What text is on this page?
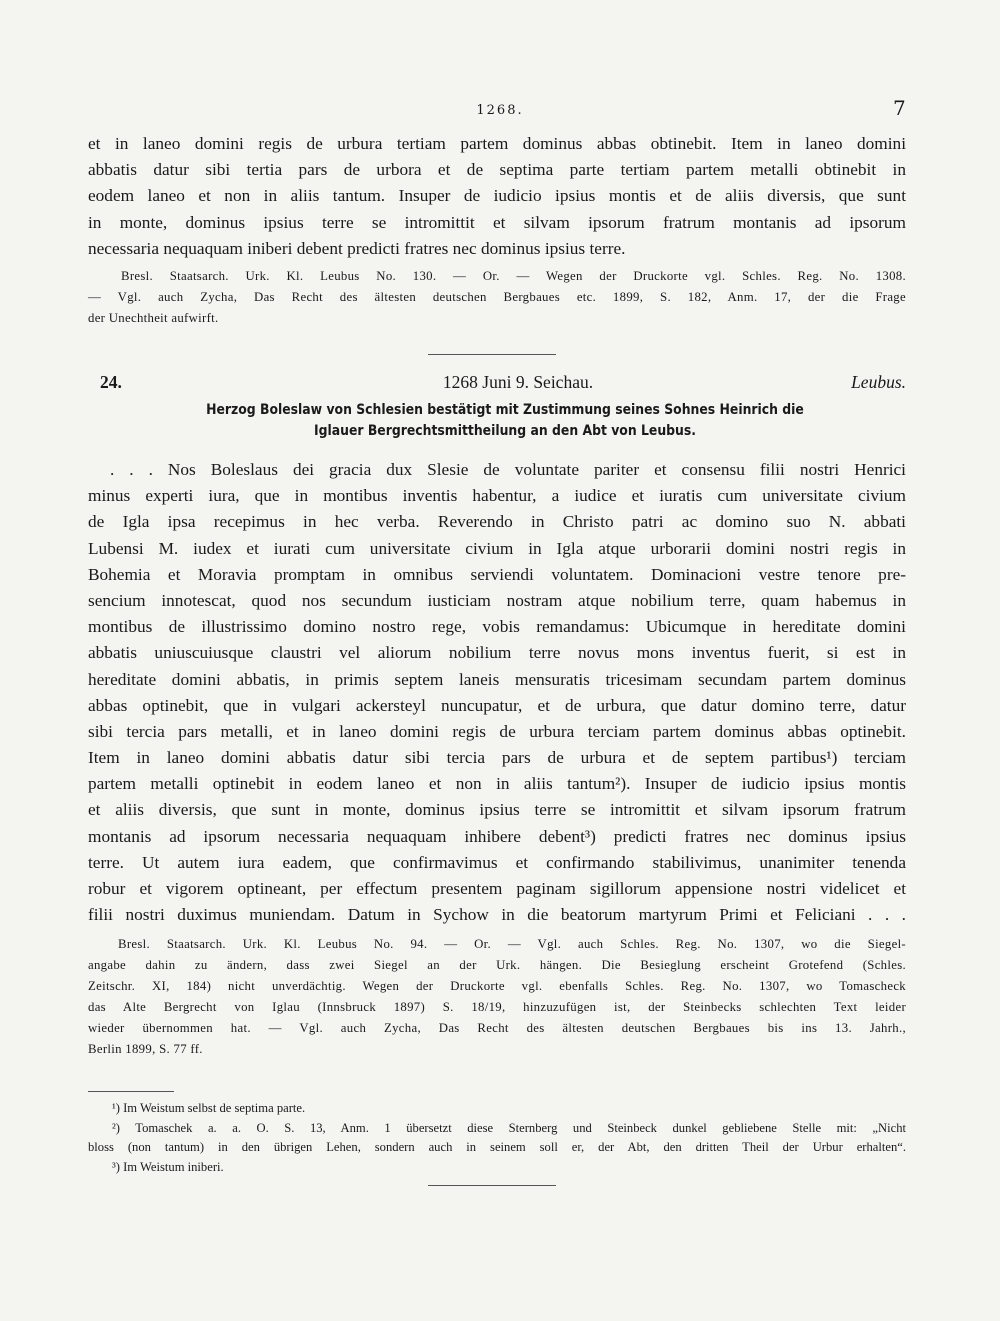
1268.	7
et in laneo domini regis de urbura tertiam partem dominus abbas obtinebit. Item in laneo domini
abbatis datur sibi tertia pars de urbora et de septima parte tertiam partem metalli obtinebit in
eodem laneo et non in aliis tantum. Insuper de iudicio ipsius montis et de aliis diversis, que sunt
in monte, dominus ipsius terre se intromittit et silvam ipsorum fratrum montanis ad ipsorum
necessaria nequaquam iniberi debent predicti fratres nec dominus ipsius terre.
Bresl. Staatsarch. Urk. Kl. Leubus No. 130. — Or. — Wegen der Druckorte vgl. Schles. Reg. No. 1308.
— Vgl. auch Zycha, Das Recht des ältesten deutschen Bergbaues etc. 1899, S. 182, Anm. 17, der die Frage
der Unechtheit aufwirft.
24.	1268 Juni 9. Seichau.	Leubus.
Herzog Boleslaw von Schlesien bestätigt mit Zustimmung seines Sohnes Heinrich die
Iglauer Bergrechtsmittheilung an den Abt von Leubus.
. . . Nos Boleslaus dei gracia dux Slesie de voluntate pariter et consensu filii nostri Henrici
minus experti iura, que in montibus inventis habentur, a iudice et iuratis cum universitate civium
de Igla ipsa recepimus in hec verba. Reverendo in Christo patri ac domino suo N. abbati
Lubensi M. iudex et iurati cum universitate civium in Igla atque urborarii domini nostri regis in
Bohemia et Moravia promptam in omnibus serviendi voluntatem. Dominacioni vestre tenore pre-
sencium innotescat, quod nos secundum iusticiam nostram atque nobilium terre, quam habemus in
montibus de illustrissimo domino nostro rege, vobis remandamus: Ubicumque in hereditate domini
abbatis uniuscuiusque claustri vel aliorum nobilium terre novus mons inventus fuerit, si est in
hereditate domini abbatis, in primis septem laneis mensuratis tricesimam secundam partem dominus
abbas optinebit, que in vulgari ackersteyl nuncupatur, et de urbura, que datur domino terre, datur
sibi tercia pars metalli, et in laneo domini regis de urbura terciam partem dominus abbas optinebit.
Item in laneo domini abbatis datur sibi tercia pars de urbura et de septem partibus¹) terciam
partem metalli optinebit in eodem laneo et non in aliis tantum²). Insuper de iudicio ipsius montis
et aliis diversis, que sunt in monte, dominus ipsius terre se intromittit et silvam ipsorum fratrum
montanis ad ipsorum necessaria nequaquam inhibere debent³) predicti fratres nec dominus ipsius
terre. Ut autem iura eadem, que confirmavimus et confirmando stabilivimus, unanimiter tenenda
robur et vigorem optineant, per effectum presentem paginam sigillorum appensione nostri videlicet et
filii nostri duximus muniendam. Datum in Sychow in die beatorum martyrum Primi et Feliciani . . .
Bresl. Staatsarch. Urk. Kl. Leubus No. 94. — Or. — Vgl. auch Schles. Reg. No. 1307, wo die Siegel-
angabe dahin zu ändern, dass zwei Siegel an der Urk. hängen. Die Besieglung erscheint Grotefend (Schles.
Zeitschr. XI, 184) nicht unverdächtig. Wegen der Druckorte vgl. ebenfalls Schles. Reg. No. 1307, wo Tomascheck
das Alte Bergrecht von Iglau (Innsbruck 1897) S. 18/19, hinzuzufügen ist, der Steinbecks schlechten Text leider
wieder übernommen hat. — Vgl. auch Zycha, Das Recht des ältesten deutschen Bergbaues bis ins 13. Jahrh.,
Berlin 1899, S. 77 ff.
¹) Im Weistum selbst de septima parte.
²) Tomaschek a. a. O. S. 13, Anm. 1 übersetzt diese Sternberg und Steinbeck dunkel gebliebene Stelle mit: „Nicht
bloss (non tantum) in den übrigen Lehen, sondern auch in seinem soll er, der Abt, den dritten Theil der Urbur erhalten“.
³) Im Weistum iniberi.
